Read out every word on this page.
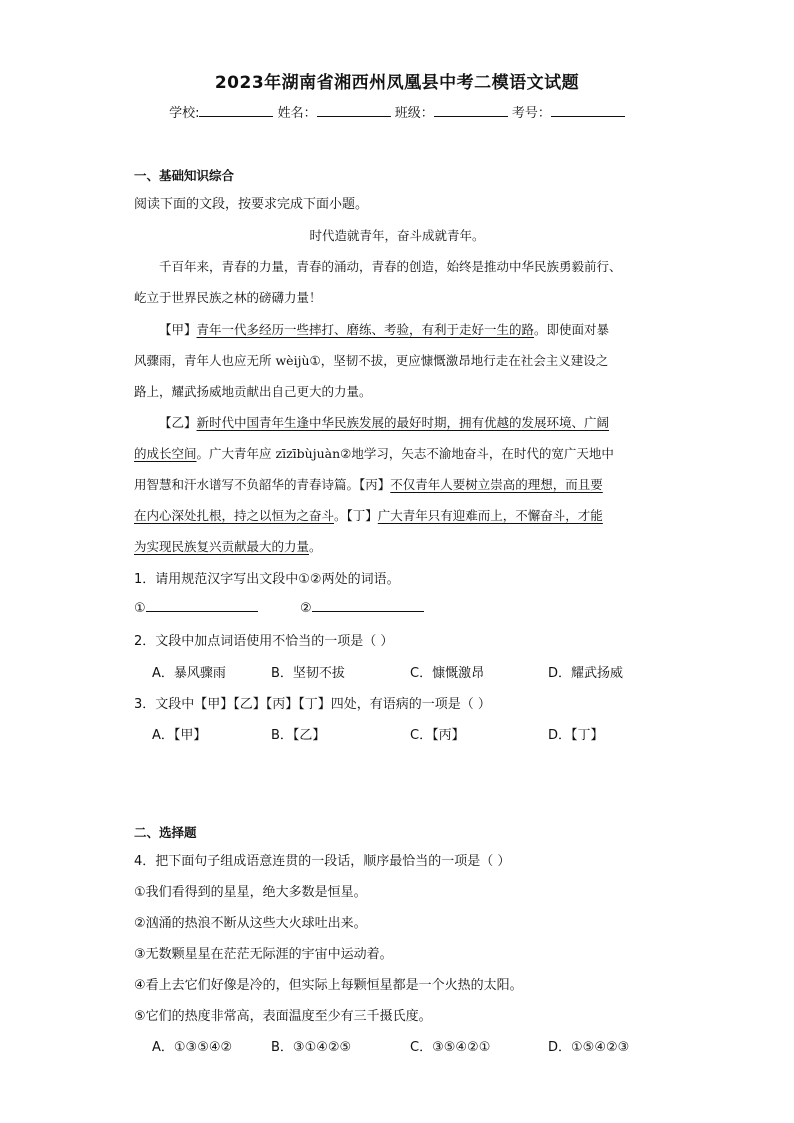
2023年湖南省湘西州凤凰县中考二模语文试题
学校:	姓名：	班级：	考号：
一、基础知识综合
阅读下面的文段，按要求完成下面小题。
时代造就青年，奋斗成就青年。
千百年来，青春的力量，青春的涌动，青春的创造，始终是推动中华民族勇毅前行、
屹立于世界民族之林的磅礴力量！
【甲】青年一代多经历一些摔打、磨练、考验，有利于走好一生的路。即使面对暴
风骤雨，青年人也应无所 wèijù①，坚韧不拔，更应慷慨激昂地行走在社会主义建设之
路上，耀武扬威地贡献出自己更大的力量。
【乙】新时代中国青年生逢中华民族发展的最好时期，拥有优越的发展环境、广阔
的成长空间。广大青年应 zīzībùjuàn②地学习，矢志不渝地奋斗，在时代的宽广天地中
用智慧和汗水谱写不负韶华的青春诗篇。【丙】不仅青年人要树立崇高的理想，而且要
在内心深处扎根，持之以恒为之奋斗。【丁】广大青年只有迎难而上，不懈奋斗，才能
为实现民族复兴贡献最大的力量。
1．请用规范汉字写出文段中①②两处的词语。
①	②
2．文段中加点词语使用不恰当的一项是（ ）
A．暴风骤雨	B．坚韧不拔	C．慷慨激昂	D．耀武扬威
3．文段中【甲】【乙】【丙】【丁】四处，有语病的一项是（ ）
A．【甲】	B．【乙】	C．【丙】	D．【丁】
二、选择题
4．把下面句子组成语意连贯的一段话，顺序最恰当的一项是（ ）
①我们看得到的星星，绝大多数是恒星。
②汹涌的热浪不断从这些大火球吐出来。
③无数颗星星在茫茫无际涯的宇宙中运动着。
④看上去它们好像是冷的，但实际上每颗恒星都是一个火热的太阳。
⑤它们的热度非常高，表面温度至少有三千摄氏度。
A．①③⑤④②	B．③①④②⑤	C．③⑤④②①	D．①⑤④②③
